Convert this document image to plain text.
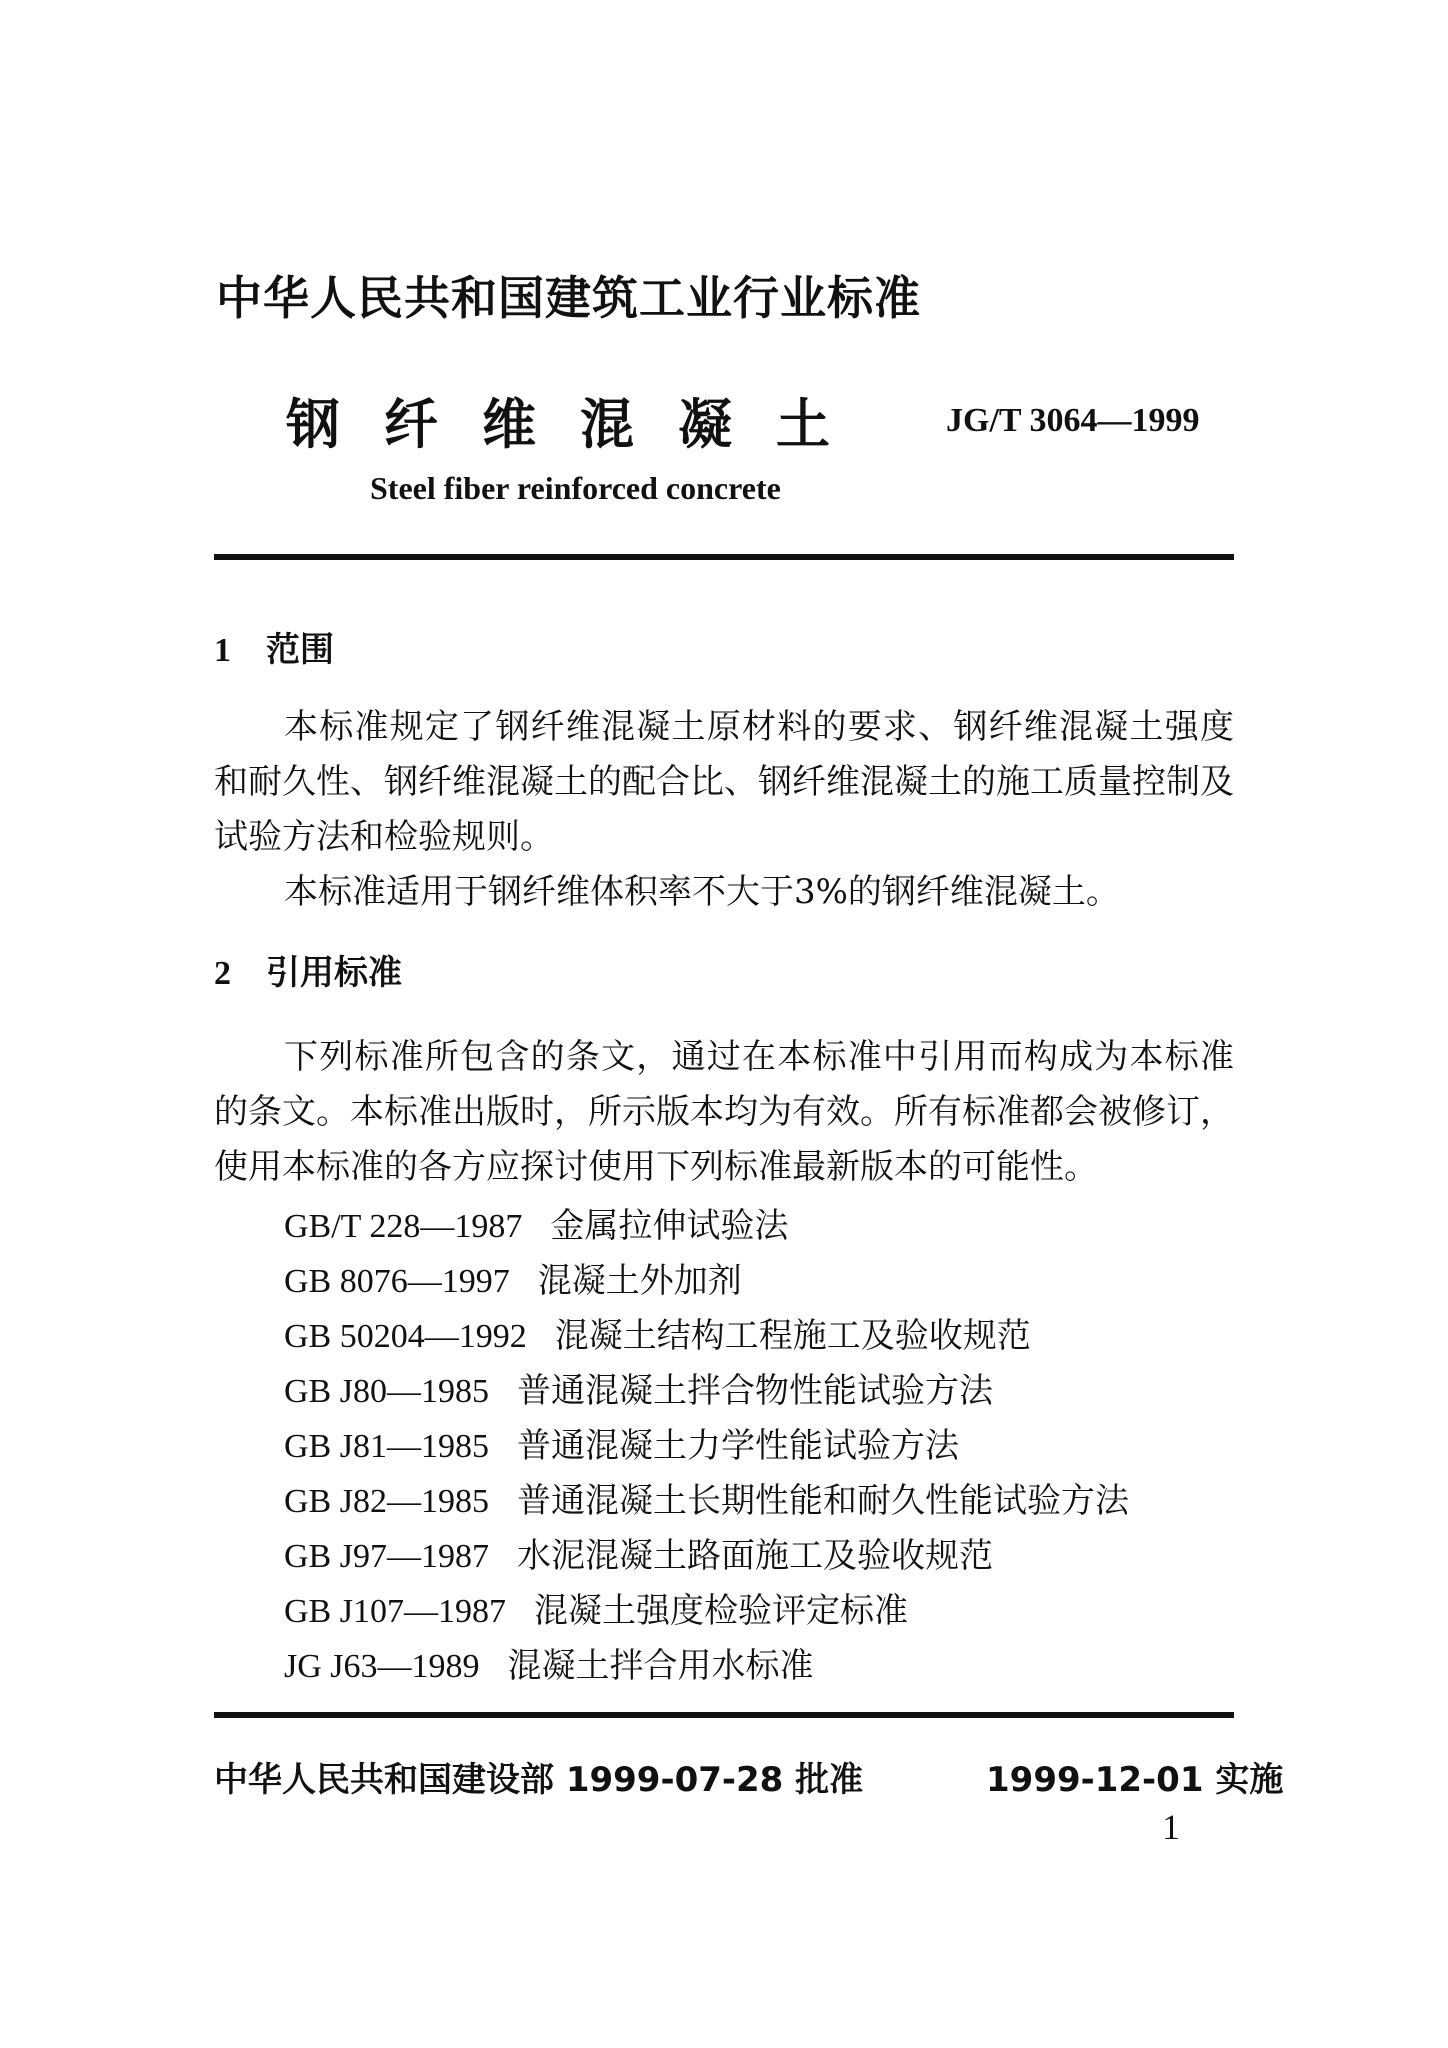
中华人民共和国建筑工业行业标准
钢纤维混凝土 JG/T 3064—1999
Steel fiber reinforced concrete
1 范围
本标准规定了钢纤维混凝土原材料的要求、钢纤维混凝土强度和耐久性、钢纤维混凝土的配合比、钢纤维混凝土的施工质量控制及试验方法和检验规则。
本标准适用于钢纤维体积率不大于3%的钢纤维混凝土。
2 引用标准
下列标准所包含的条文，通过在本标准中引用而构成为本标准的条文。本标准出版时，所示版本均为有效。所有标准都会被修订，使用本标准的各方应探讨使用下列标准最新版本的可能性。
GB/T 228—1987 金属拉伸试验法
GB 8076—1997 混凝土外加剂
GB 50204—1992 混凝土结构工程施工及验收规范
GB J80—1985 普通混凝土拌合物性能试验方法
GB J81—1985 普通混凝土力学性能试验方法
GB J82—1985 普通混凝土长期性能和耐久性能试验方法
GB J97—1987 水泥混凝土路面施工及验收规范
GB J107—1987 混凝土强度检验评定标准
JG J63—1989 混凝土拌合用水标准
中华人民共和国建设部 1999-07-28 批准	1999-12-01 实施
1
